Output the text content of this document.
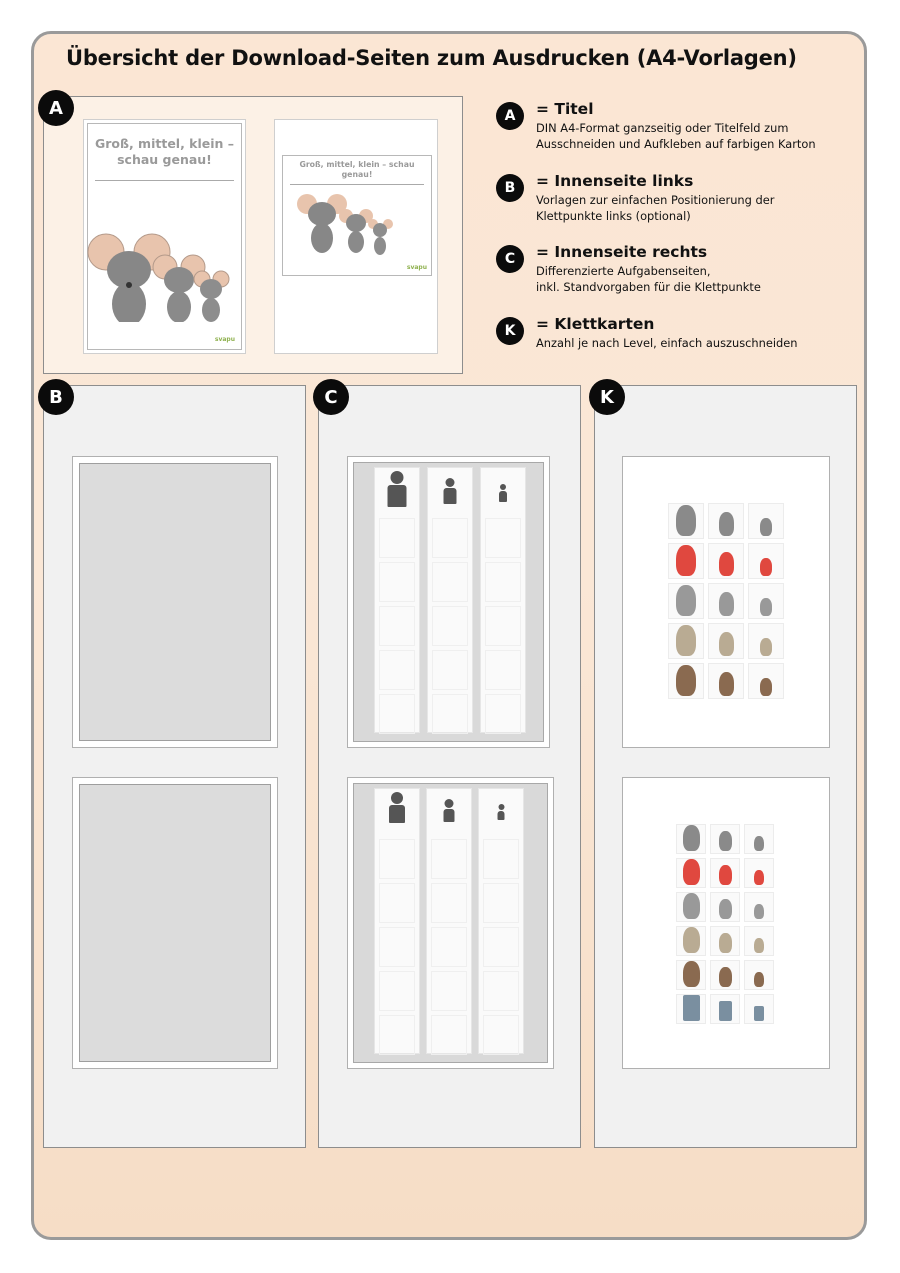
Übersicht der Download-Seiten zum Ausdrucken (A4-Vorlagen)
Groß, mittel, klein –
schau genau!
svapu
Groß, mittel, klein – schau genau!
svapu
A	A	= Titel
DIN A4-Format ganzseitig oder Titelfeld zum
Ausschneiden und Aufkleben auf farbigen Karton
B	= Innenseite links
Vorlagen zur einfachen Positionierung der
Klettpunkte links (optional)
C	= Innenseite rechts
Differenzierte Aufgabenseiten,
inkl. Standvorgaben für die Klettpunkte
K	= Klettkarten
Anzahl je nach Level, einfach auszuschneiden
B	C	K
